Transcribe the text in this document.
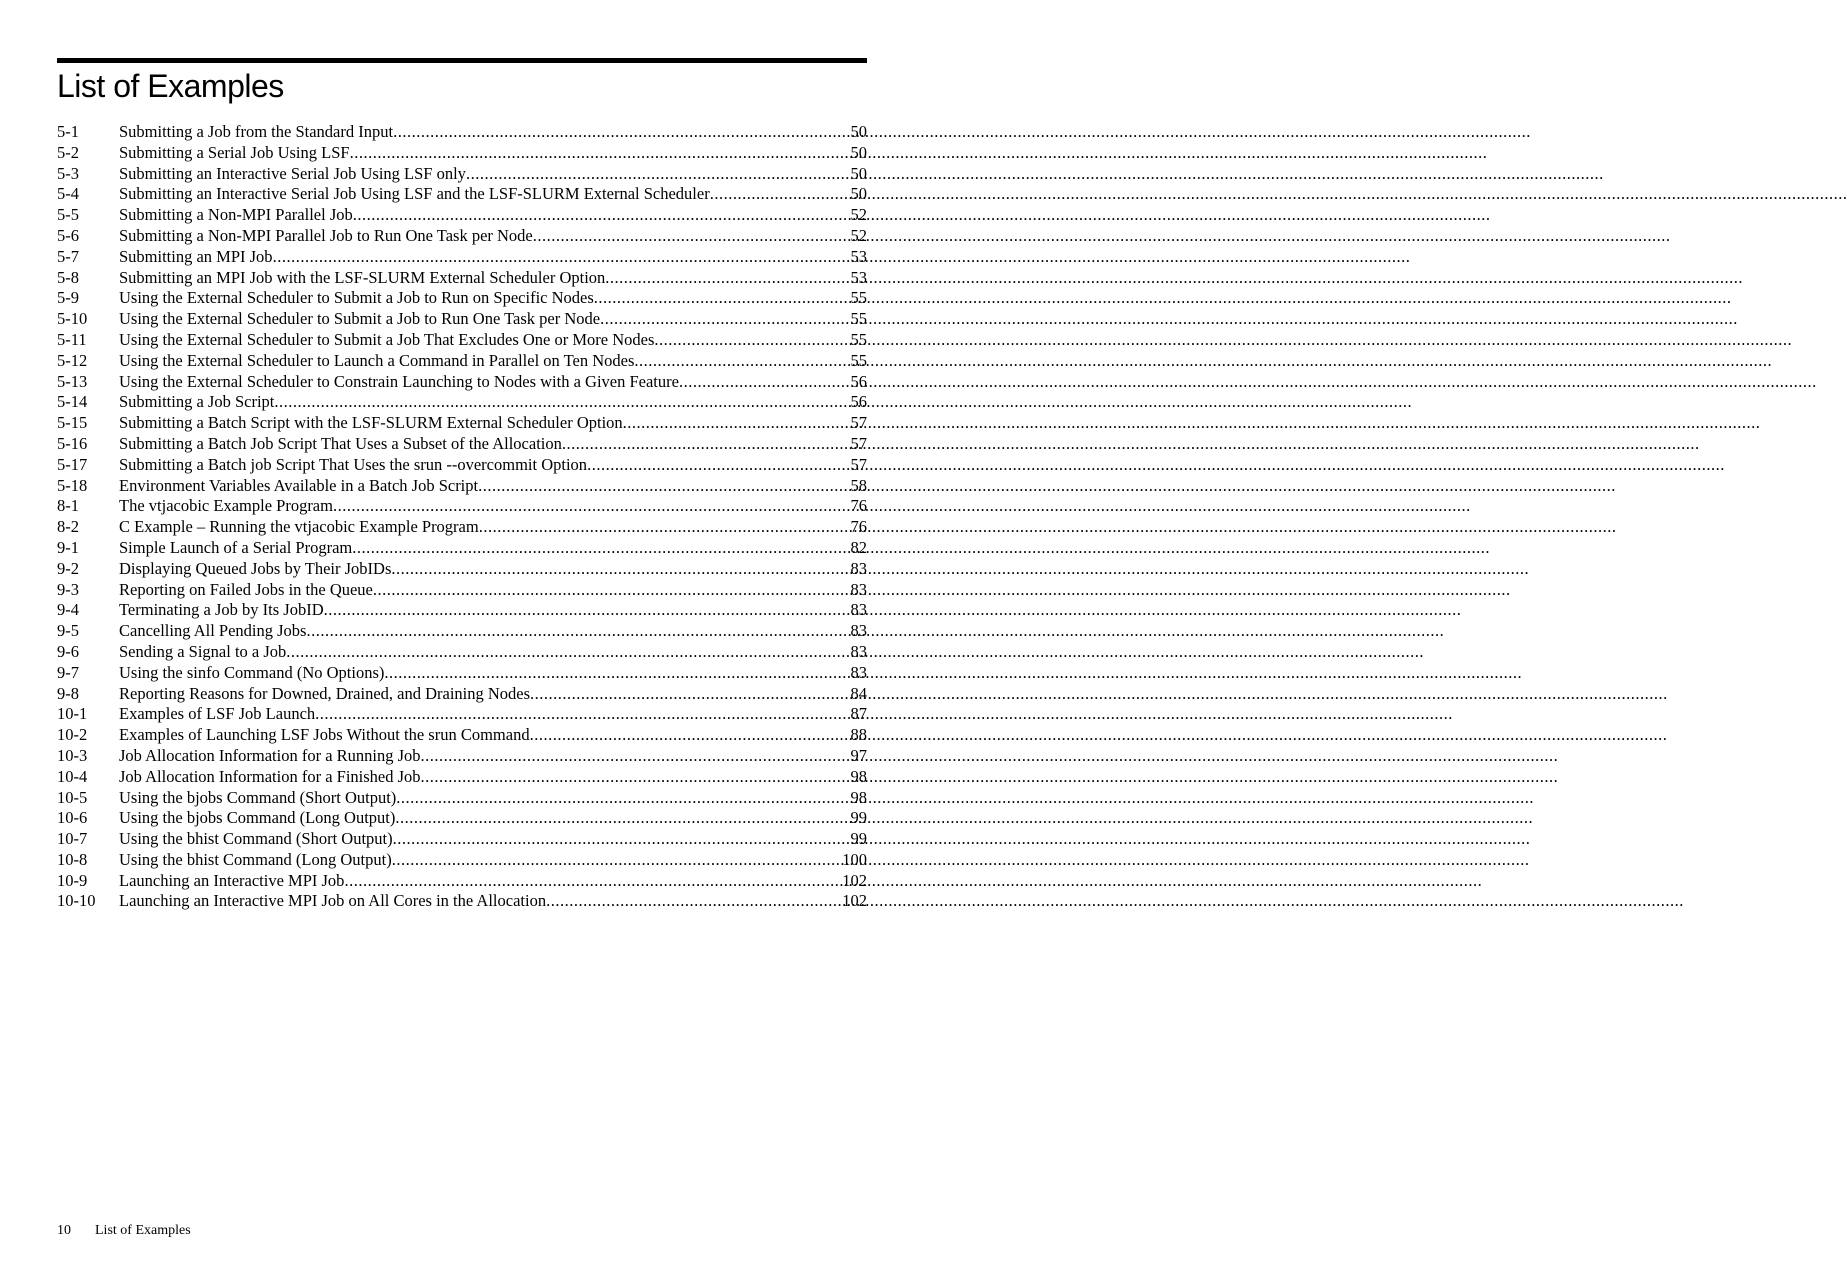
List of Examples
5-1	Submitting a Job from the Standard Input .....	50
5-2	Submitting a Serial Job Using LSF .....	50
5-3	Submitting an Interactive Serial Job Using LSF only .....	50
5-4	Submitting an Interactive Serial Job Using LSF and the LSF-SLURM External Scheduler .....	50
5-5	Submitting a Non-MPI Parallel Job .....	52
5-6	Submitting a Non-MPI Parallel Job to Run One Task per Node .....	52
5-7	Submitting an MPI Job .....	53
5-8	Submitting an MPI Job with the LSF-SLURM External Scheduler Option .....	53
5-9	Using the External Scheduler to Submit a Job to Run on Specific Nodes .....	55
5-10	Using the External Scheduler to Submit a Job to Run One Task per Node .....	55
5-11	Using the External Scheduler to Submit a Job That Excludes One or More Nodes .....	55
5-12	Using the External Scheduler to Launch a Command in Parallel on Ten Nodes .....	55
5-13	Using the External Scheduler to Constrain Launching to Nodes with a Given Feature .....	56
5-14	Submitting a Job Script .....	56
5-15	Submitting a Batch Script with the LSF-SLURM External Scheduler Option .....	57
5-16	Submitting a Batch Job Script That Uses a Subset of the Allocation .....	57
5-17	Submitting a Batch job Script That Uses the srun --overcommit Option .....	57
5-18	Environment Variables Available in a Batch Job Script .....	58
8-1	The vtjacobic Example Program .....	76
8-2	C Example – Running the vtjacobic Example Program .....	76
9-1	Simple Launch of a Serial Program .....	82
9-2	Displaying Queued Jobs by Their JobIDs .....	83
9-3	Reporting on Failed Jobs in the Queue .....	83
9-4	Terminating a Job by Its JobID .....	83
9-5	Cancelling All Pending Jobs .....	83
9-6	Sending a Signal to a Job .....	83
9-7	Using the sinfo Command (No Options) .....	83
9-8	Reporting Reasons for Downed, Drained, and Draining Nodes .....	84
10-1	Examples of LSF Job Launch .....	87
10-2	Examples of Launching LSF Jobs Without the srun Command .....	88
10-3	Job Allocation Information for a Running Job .....	97
10-4	Job Allocation Information for a Finished Job .....	98
10-5	Using the bjobs Command (Short Output) .....	98
10-6	Using the bjobs Command (Long Output) .....	99
10-7	Using the bhist Command (Short Output) .....	99
10-8	Using the bhist Command (Long Output) .....	100
10-9	Launching an Interactive MPI Job .....	102
10-10	Launching an Interactive MPI Job on All Cores in the Allocation .....	102
10 List of Examples
